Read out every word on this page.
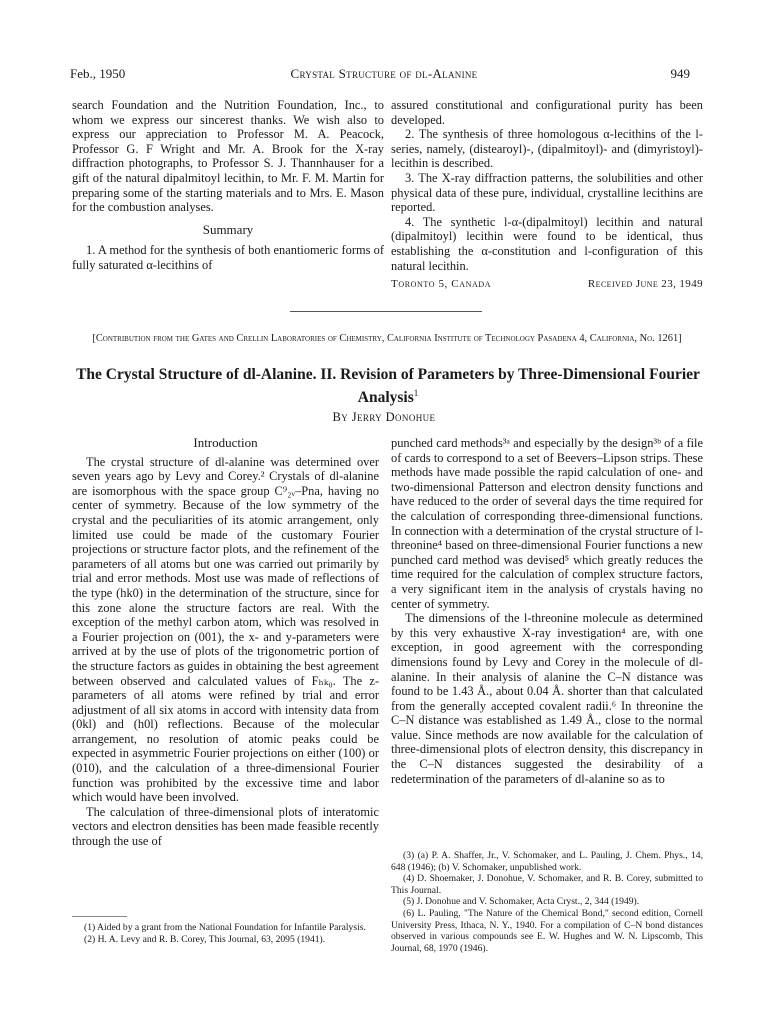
Feb., 1950	Crystal Structure of dl-Alanine	949

search Foundation and the Nutrition Foundation, Inc., to whom we express our sincerest thanks. We wish also to express our appreciation to Professor M. A. Peacock, Professor G. F Wright and Mr. A. Brook for the X-ray diffraction photographs, to Professor S. J. Thannhauser for a gift of the natural dipalmitoyl lecithin, to Mr. F. M. Martin for preparing some of the starting materials and to Mrs. E. Mason for the combustion analyses.

Summary

1. A method for the synthesis of both enantiomeric forms of fully saturated α-lecithins of

assured constitutional and configurational purity has been developed.

2. The synthesis of three homologous α-lecithins of the l-series, namely, (distearoyl)-, (dipalmitoyl)- and (dimyristoyl)- lecithin is described.

3. The X-ray diffraction patterns, the solubilities and other physical data of these pure, individual, crystalline lecithins are reported.

4. The synthetic l-α-(dipalmitoyl) lecithin and natural (dipalmitoyl) lecithin were found to be identical, thus establishing the α-constitution and l-configuration of this natural lecithin.

Toronto 5, Canada	Received June 23, 1949
[Contribution from the Gates and Crellin Laboratories of Chemistry, California Institute of Technology Pasadena 4, California, No. 1261]
The Crystal Structure of dl-Alanine. II. Revision of Parameters by Three-Dimensional Fourier Analysis$^1$
By Jerry Donohue

Introduction

The crystal structure of dl-alanine was determined over seven years ago by Levy and Corey.² Crystals of dl-alanine are isomorphous with the space group C⁹₂ᵥ–Pna, having no center of symmetry. Because of the low symmetry of the crystal and the peculiarities of its atomic arrangement, only limited use could be made of the customary Fourier projections or structure factor plots, and the refinement of the parameters of all atoms but one was carried out primarily by trial and error methods. Most use was made of reflections of the type (hk0) in the determination of the structure, since for this zone alone the structure factors are real. With the exception of the methyl carbon atom, which was resolved in a Fourier projection on (001), the x- and y-parameters were arrived at by the use of plots of the trigonometric portion of the structure factors as guides in obtaining the best agreement between observed and calculated values of Fₕₖ₀. The z-parameters of all atoms were refined by trial and error adjustment of all six atoms in accord with intensity data from (0kl) and (h0l) reflections. Because of the molecular arrangement, no resolution of atomic peaks could be expected in asymmetric Fourier projections on either (100) or (010), and the calculation of a three-dimensional Fourier function was prohibited by the excessive time and labor which would have been involved.

The calculation of three-dimensional plots of interatomic vectors and electron densities has been made feasible recently through the use of

(1) Aided by a grant from the National Foundation for Infantile Paralysis.

(2) H. A. Levy and R. B. Corey, This Journal, 63, 2095 (1941).

punched card methods³ᵃ and especially by the design³ᵇ of a file of cards to correspond to a set of Beevers–Lipson strips. These methods have made possible the rapid calculation of one- and two-dimensional Patterson and electron density functions and have reduced to the order of several days the time required for the calculation of corresponding three-dimensional functions. In connection with a determination of the crystal structure of l-threonine⁴ based on three-dimensional Fourier functions a new punched card method was devised⁵ which greatly reduces the time required for the calculation of complex structure factors, a very significant item in the analysis of crystals having no center of symmetry.

The dimensions of the l-threonine molecule as determined by this very exhaustive X-ray investigation⁴ are, with one exception, in good agreement with the corresponding dimensions found by Levy and Corey in the molecule of dl-alanine. In their analysis of alanine the C–N distance was found to be 1.43 Å., about 0.04 Å. shorter than that calculated from the generally accepted covalent radii.⁶ In threonine the C–N distance was established as 1.49 Å., close to the normal value. Since methods are now available for the calculation of three-dimensional plots of electron density, this discrepancy in the C–N distances suggested the desirability of a redetermination of the parameters of dl-alanine so as to

(3) (a) P. A. Shaffer, Jr., V. Schomaker, and L. Pauling, J. Chem. Phys., 14, 648 (1946); (b) V. Schomaker, unpublished work.

(4) D. Shoemaker, J. Donohue, V. Schomaker, and R. B. Corey, submitted to This Journal.

(5) J. Donohue and V. Schomaker, Acta Cryst., 2, 344 (1949).

(6) L. Pauling, "The Nature of the Chemical Bond," second edition, Cornell University Press, Ithaca, N. Y., 1940. For a compilation of C–N bond distances observed in various compounds see E. W. Hughes and W. N. Lipscomb, This Journal, 68, 1970 (1946).
